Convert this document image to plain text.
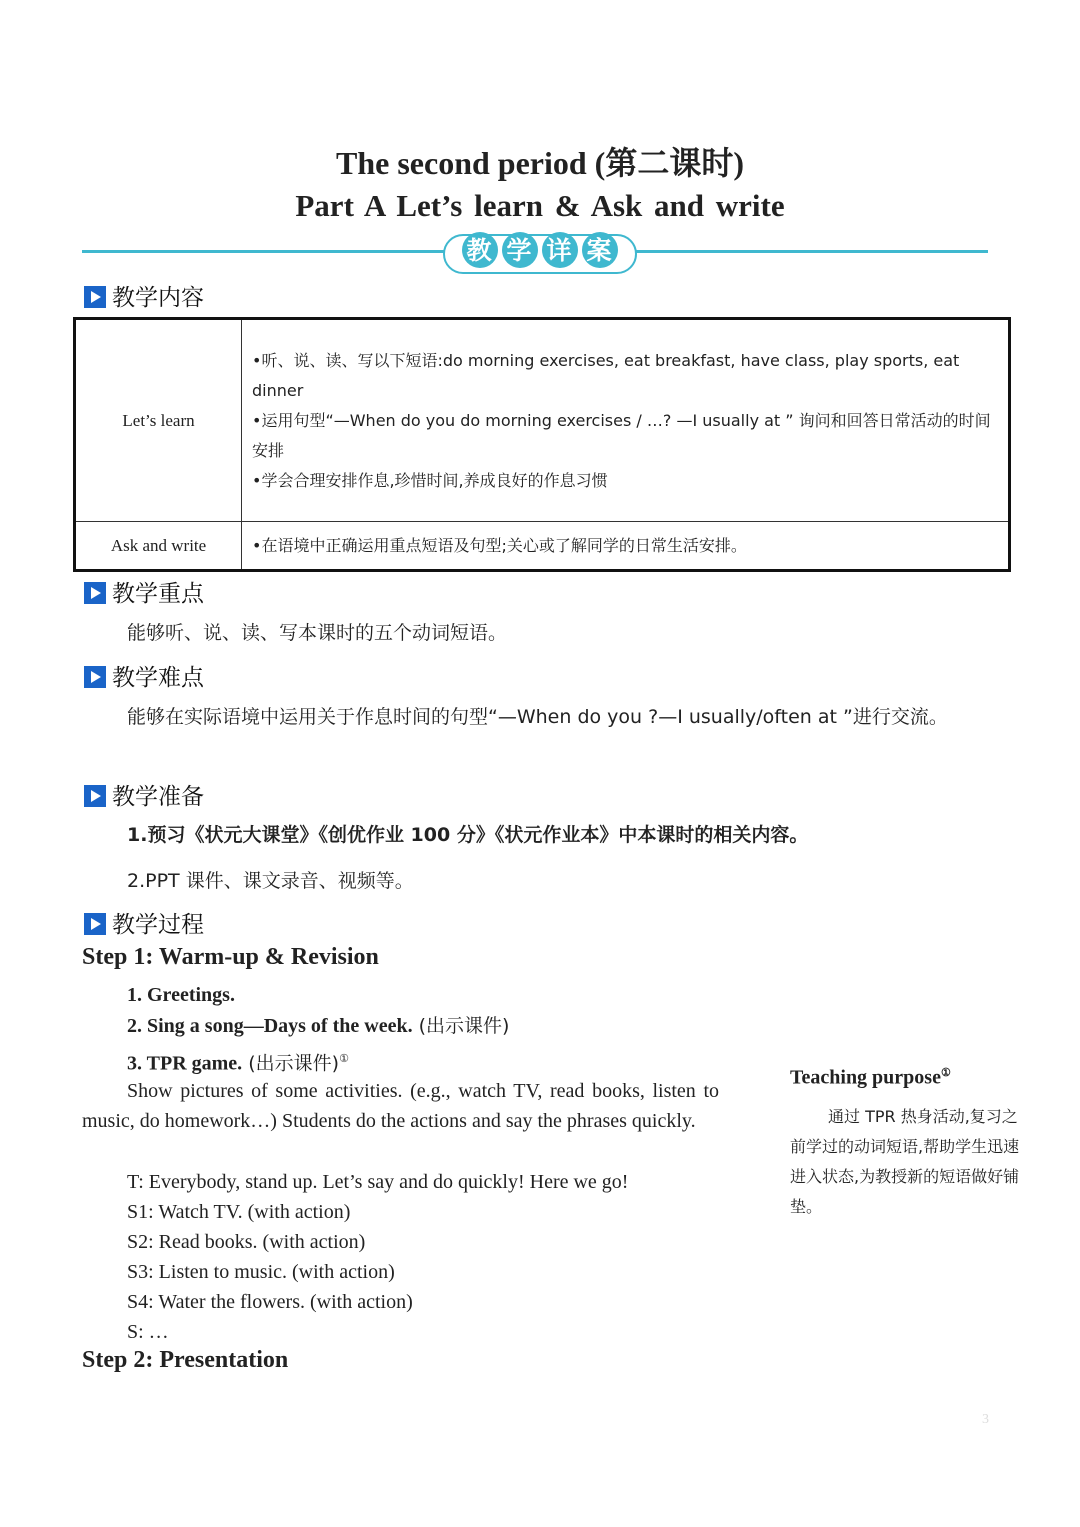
The second period (第二课时)
Part A Let’s learn & Ask and write
教 学 详 案
教学内容
Let’s learn	•听、说、读、写以下短语:do morning exercises, eat breakfast, have class, play sports, eat dinner
•运用句型“—When do you do morning exercises / …? —I usually at ” 询问和回答日常活动的时间安排
•学会合理安排作息,珍惜时间,养成良好的作息习惯

Ask and write	•在语境中正确运用重点短语及句型;关心或了解同学的日常生活安排。
教学重点
能够听、说、读、写本课时的五个动词短语。
教学难点
能够在实际语境中运用关于作息时间的句型“—When do you ?—I usually/often at ”进行交流。
教学准备
1.预习《状元大课堂》《创优作业 100 分》《状元作业本》中本课时的相关内容。
2.PPT 课件、课文录音、视频等。
教学过程
Step 1: Warm-up & Revision
1. Greetings.
2. Sing a song—Days of the week. (出示课件)
3. TPR game. (出示课件)①
Show pictures of some activities. (e.g., watch TV, read books, listen to music, do homework…) Students do the actions and say the phrases quickly.
T: Everybody, stand up. Let’s say and do quickly! Here we go!
S1: Watch TV. (with action)
S2: Read books. (with action)
S3: Listen to music. (with action)
S4: Water the flowers. (with action)
S: …
Step 2: Presentation
Teaching purpose①
通过 TPR 热身活动,复习之前学过的动词短语,帮助学生迅速进入状态,为教授新的短语做好铺垫。
3
